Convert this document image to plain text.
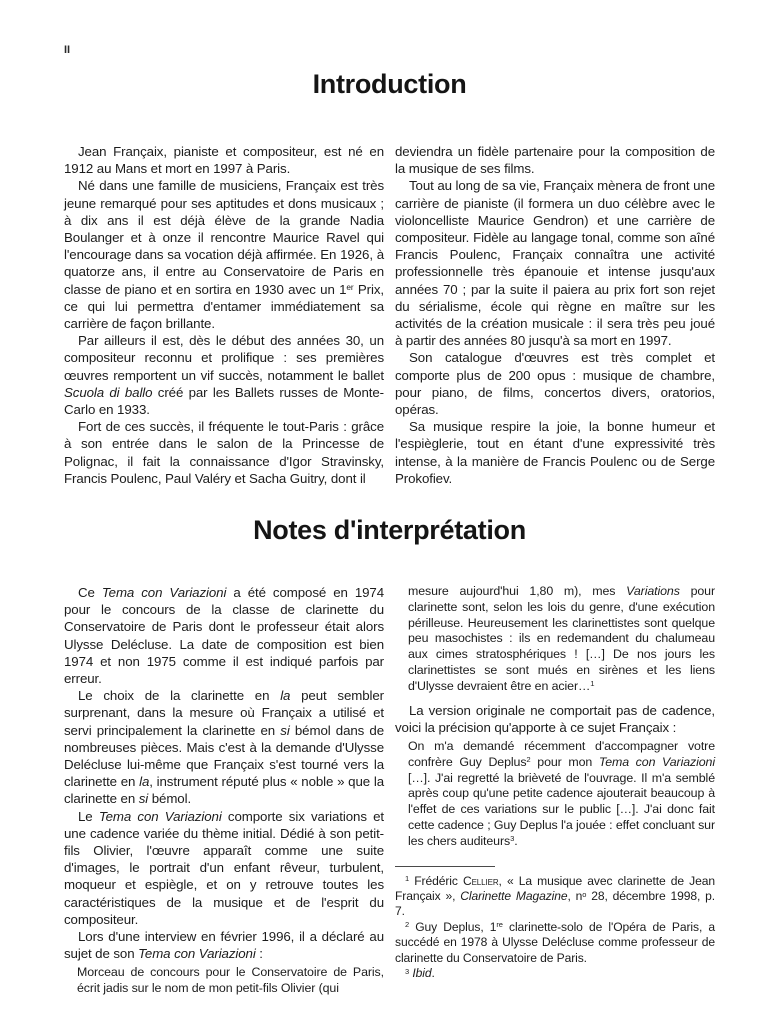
II
Introduction

Jean Françaix, pianiste et compositeur, est né en 1912 au Mans et mort en 1997 à Paris.

Né dans une famille de musiciens, Françaix est très jeune remarqué pour ses aptitudes et dons musicaux ; à dix ans il est déjà élève de la grande Nadia Boulanger et à onze il rencontre Maurice Ravel qui l'encourage dans sa vocation déjà affirmée. En 1926, à quatorze ans, il entre au Conservatoire de Paris en classe de piano et en sortira en 1930 avec un 1er Prix, ce qui lui permettra d'entamer immédiatement sa carrière de façon brillante.

Par ailleurs il est, dès le début des années 30, un compositeur reconnu et prolifique : ses premières œuvres remportent un vif succès, notamment le ballet Scuola di ballo créé par les Ballets russes de Monte-Carlo en 1933.

Fort de ces succès, il fréquente le tout-Paris : grâce à son entrée dans le salon de la Princesse de Polignac, il fait la connaissance d'Igor Stravinsky, Francis Poulenc, Paul Valéry et Sacha Guitry, dont il

deviendra un fidèle partenaire pour la composition de la musique de ses films.

Tout au long de sa vie, Françaix mènera de front une carrière de pianiste (il formera un duo célèbre avec le violoncelliste Maurice Gendron) et une carrière de compositeur. Fidèle au langage tonal, comme son aîné Francis Poulenc, Françaix connaîtra une activité professionnelle très épanouie et intense jusqu'aux années 70 ; par la suite il paiera au prix fort son rejet du sérialisme, école qui règne en maître sur les activités de la création musicale : il sera très peu joué à partir des années 80 jusqu'à sa mort en 1997.

Son catalogue d'œuvres est très complet et comporte plus de 200 opus : musique de chambre, pour piano, de films, concertos divers, oratorios, opéras.

Sa musique respire la joie, la bonne humeur et l'espièglerie, tout en étant d'une expressivité très intense, à la manière de Francis Poulenc ou de Serge Prokofiev.

Notes d'interprétation

Ce Tema con Variazioni a été composé en 1974 pour le concours de la classe de clarinette du Conservatoire de Paris dont le professeur était alors Ulysse Delécluse. La date de composition est bien 1974 et non 1975 comme il est indiqué parfois par erreur.

Le choix de la clarinette en la peut sembler surprenant, dans la mesure où Françaix a utilisé et servi principalement la clarinette en si bémol dans de nombreuses pièces. Mais c'est à la demande d'Ulysse Delécluse lui-même que Françaix s'est tourné vers la clarinette en la, instrument réputé plus « noble » que la clarinette en si bémol.

Le Tema con Variazioni comporte six variations et une cadence variée du thème initial. Dédié à son petit-fils Olivier, l'œuvre apparaît comme une suite d'images, le portrait d'un enfant rêveur, turbulent, moqueur et espiègle, et on y retrouve toutes les caractéristiques de la musique et de l'esprit du compositeur.

Lors d'une interview en février 1996, il a déclaré au sujet de son Tema con Variazioni :

Morceau de concours pour le Conservatoire de Paris, écrit jadis sur le nom de mon petit-fils Olivier (qui

mesure aujourd'hui 1,80 m), mes Variations pour clarinette sont, selon les lois du genre, d'une exécution périlleuse. Heureusement les clarinettistes sont quelque peu masochistes : ils en redemandent du chalumeau aux cimes stratosphériques ! […] De nos jours les clarinettistes se sont mués en sirènes et les liens d'Ulysse devraient être en acier…$^1$

La version originale ne comportait pas de cadence, voici la précision qu'apporte à ce sujet Françaix :

On m'a demandé récemment d'accompagner votre confrère Guy Deplus$^2$ pour mon Tema con Variazioni […]. J'ai regretté la brièveté de l'ouvrage. Il m'a semblé après coup qu'une petite cadence ajouterait beaucoup à l'effet de ces variations sur le public […]. J'ai donc fait cette cadence ; Guy Deplus l'a jouée : effet concluant sur les chers auditeurs$^3$.

$^1$ Frédéric Cellier, « La musique avec clarinette de Jean Françaix », Clarinette Magazine, $n^o$ 28, décembre 1998, p. 7.

$^2$ Guy Deplus, 1re clarinette-solo de l'Opéra de Paris, a succédé en 1978 à Ulysse Delécluse comme professeur de clarinette du Conservatoire de Paris.

$^3$ Ibid.
